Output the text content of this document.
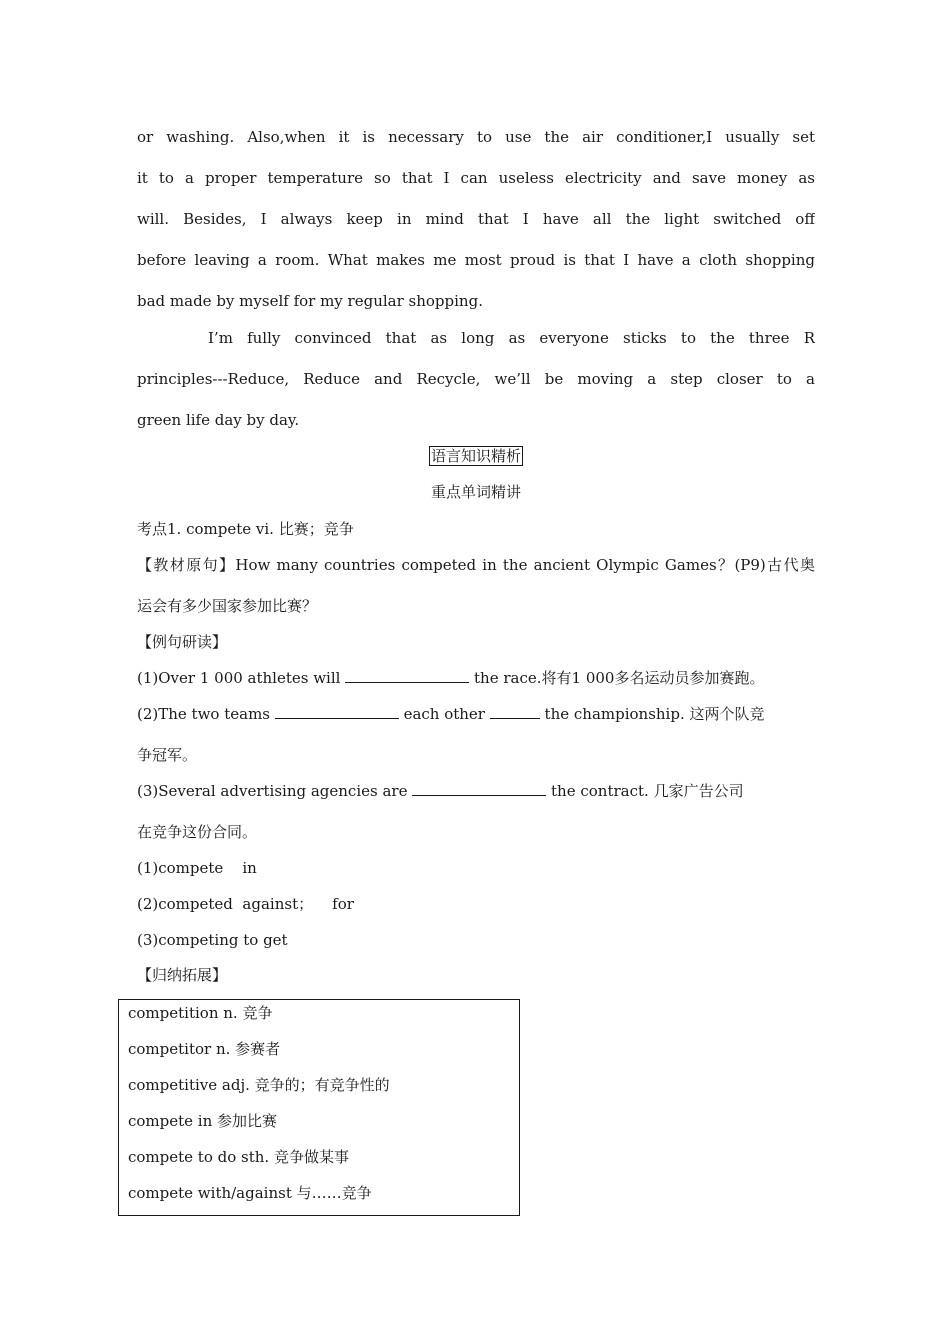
or washing. Also,when it is necessary to use the air conditioner,I usually set
it to a proper temperature so that I can useless electricity and save money as
will. Besides, I always keep in mind that I have all the light switched off
before leaving a room. What makes me most proud is that I have a cloth shopping
bad made by myself for my regular shopping.
I’m fully convinced that as long as everyone sticks to the three R
principles---Reduce, Reduce and Recycle, we’ll be moving a step closer to a
green life day by day.
语言知识精析
重点单词精讲
考点1. compete vi. 比赛；竞争
【教材原句】How many countries competed in the ancient Olympic Games？(P9)古代奥
运会有多少国家参加比赛？
【例句研读】
(1)Over 1 000 athletes will	the race.将有1 000多名运动员参加赛跑。
(2)The two teams	each other	the championship. 这两个队竞
争冠军。
(3)Several advertising agencies are	the contract. 几家广告公司
在竞争这份合同。
(1)compete    in
(2)competed  against；    for
(3)competing to get
【归纳拓展】
competition n. 竞争
competitor n. 参赛者
competitive adj. 竞争的；有竞争性的
compete in 参加比赛
compete to do sth. 竞争做某事
compete with/against 与……竞争
